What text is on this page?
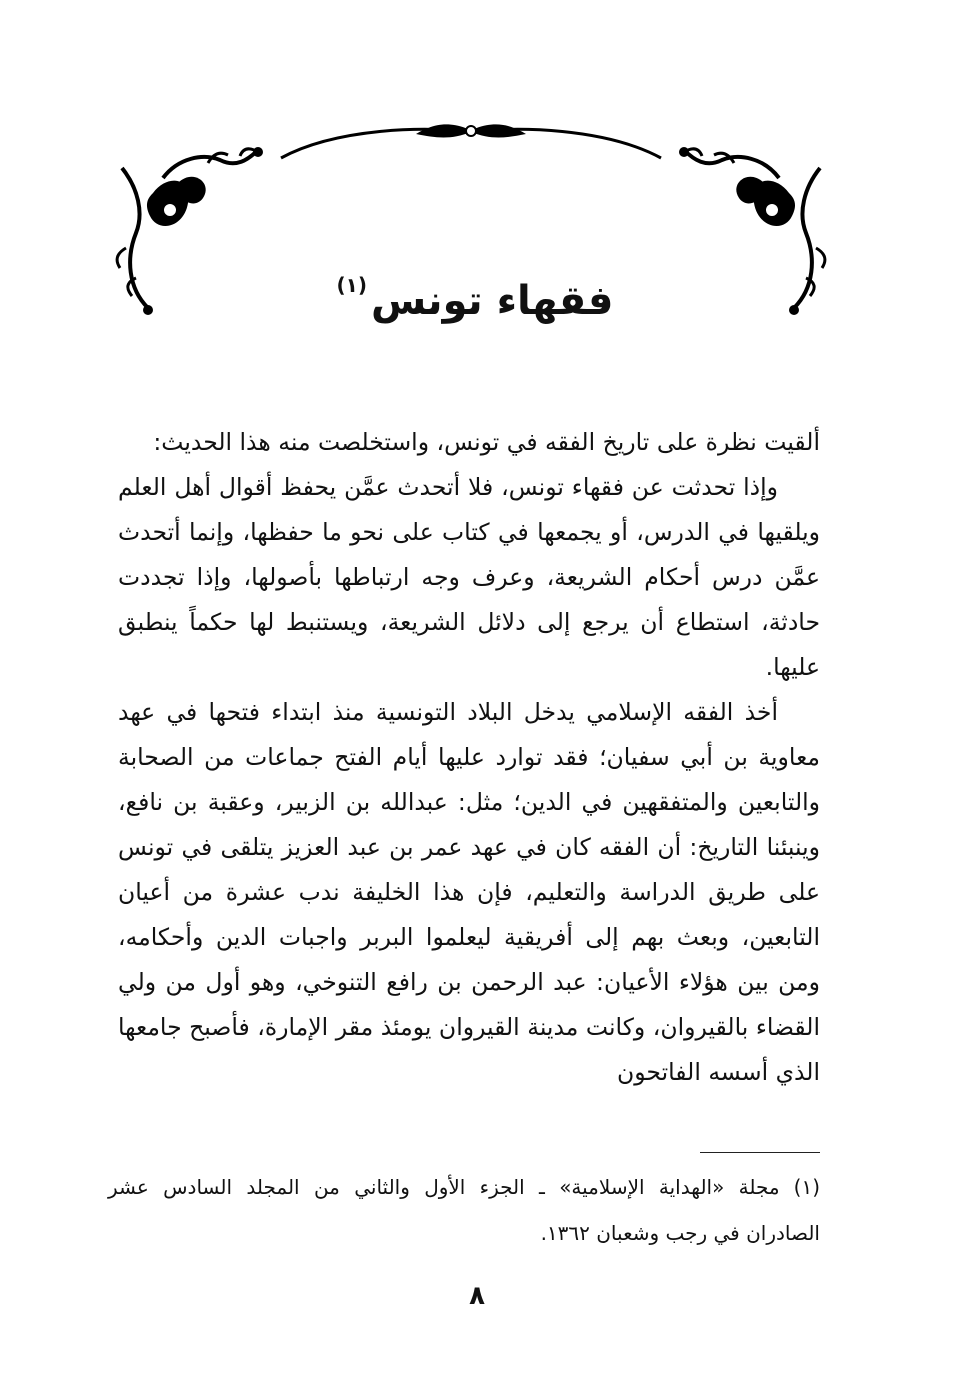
فقهاء تونس$^{(١)}$

ألقيت نظرة على تاريخ الفقه في تونس، واستخلصت منه هذا الحديث:

وإذا تحدثت عن فقهاء تونس، فلا أتحدث عمَّن يحفظ أقوال أهل العلم ويلقيها في الدرس، أو يجمعها في كتاب على نحو ما حفظها، وإنما أتحدث عمَّن درس أحكام الشريعة، وعرف وجه ارتباطها بأصولها، وإذا تجددت حادثة، استطاع أن يرجع إلى دلائل الشريعة، ويستنبط لها حكماً ينطبق عليها.

أخذ الفقه الإسلامي يدخل البلاد التونسية منذ ابتداء فتحها في عهد معاوية بن أبي سفيان؛ فقد توارد عليها أيام الفتح جماعات من الصحابة والتابعين والمتفقهين في الدين؛ مثل: عبدالله بن الزبير، وعقبة بن نافع، وينبئنا التاريخ: أن الفقه كان في عهد عمر بن عبد العزيز يتلقى في تونس على طريق الدراسة والتعليم، فإن هذا الخليفة ندب عشرة من أعيان التابعين، وبعث بهم إلى أفريقية ليعلموا البربر واجبات الدين وأحكامه، ومن بين هؤلاء الأعيان: عبد الرحمن بن رافع التنوخي، وهو أول من ولي القضاء بالقيروان، وكانت مدينة القيروان يومئذ مقر الإمارة، فأصبح جامعها الذي أسسه الفاتحون

(١)مجلة «الهداية الإسلامية» ـ الجزء الأول والثاني من المجلد السادس عشر الصادران في رجب وشعبان ١٣٦٢.
٨
